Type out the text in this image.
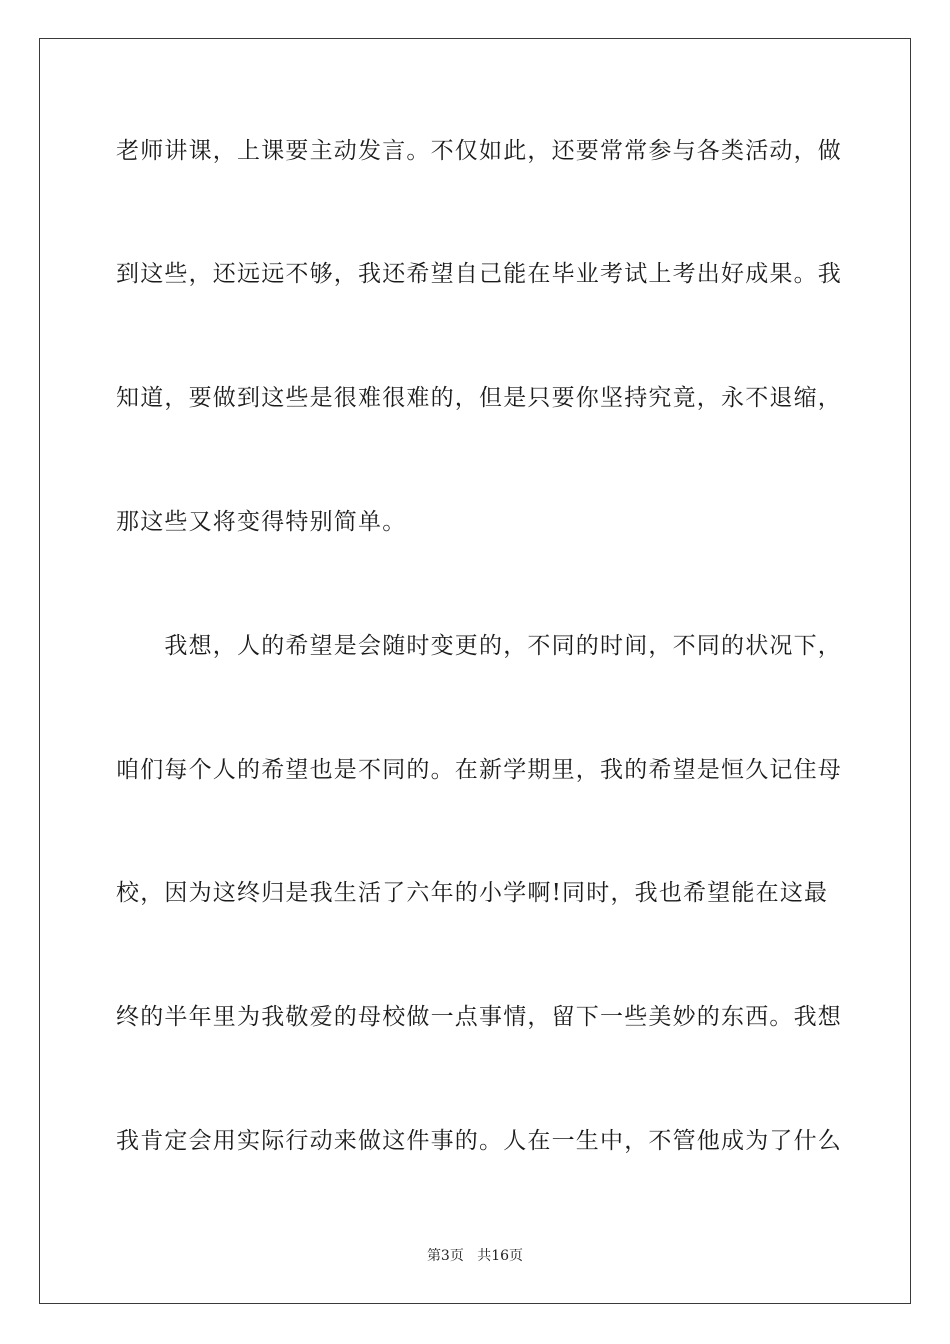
老师讲课，上课要主动发言。不仅如此，还要常常参与各类活动，做
到这些，还远远不够，我还希望自己能在毕业考试上考出好成果。我
知道，要做到这些是很难很难的，但是只要你坚持究竟，永不退缩，
那这些又将变得特别简单。
　　我想，人的希望是会随时变更的，不同的时间，不同的状况下，
咱们每个人的希望也是不同的。在新学期里，我的希望是恒久记住母
校，因为这终归是我生活了六年的小学啊!同时，我也希望能在这最
终的半年里为我敬爱的母校做一点事情，留下一些美妙的东西。我想
我肯定会用实际行动来做这件事的。人在一生中，不管他成为了什么
第3页 共16页
